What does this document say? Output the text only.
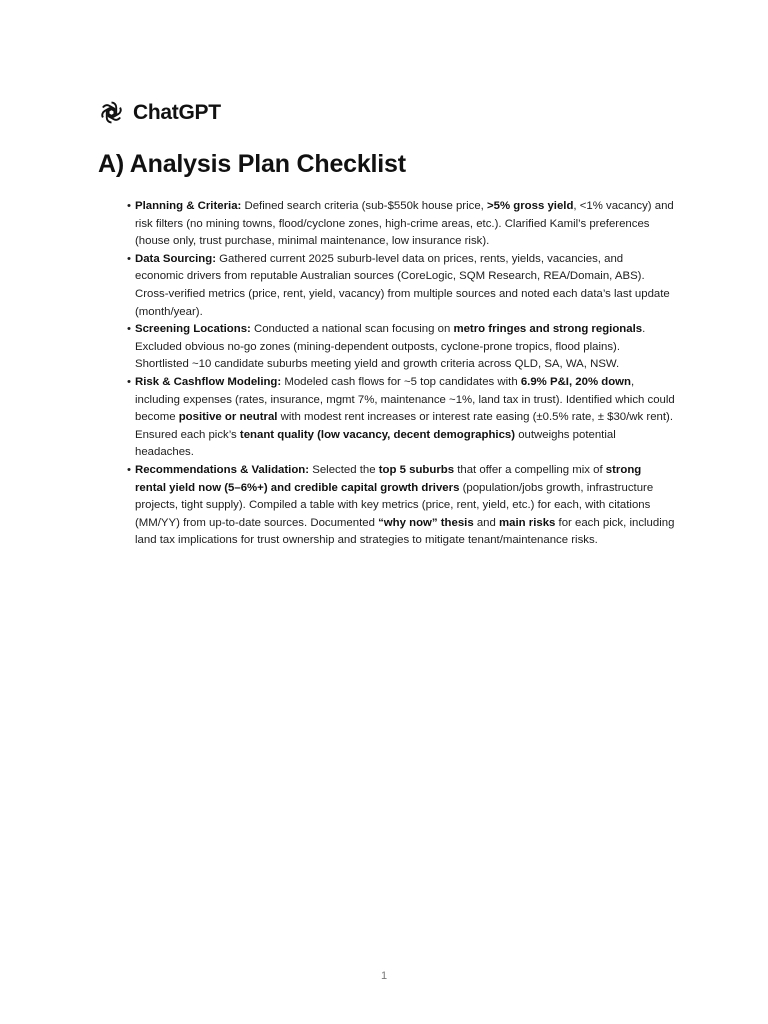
ChatGPT
A) Analysis Plan Checklist
• Planning & Criteria: Defined search criteria (sub-$550k house price, >5% gross yield, <1% vacancy) and risk filters (no mining towns, flood/cyclone zones, high-crime areas, etc.). Clarified Kamil’s preferences (house only, trust purchase, minimal maintenance, low insurance risk).
• Data Sourcing: Gathered current 2025 suburb-level data on prices, rents, yields, vacancies, and economic drivers from reputable Australian sources (CoreLogic, SQM Research, REA/Domain, ABS). Cross-verified metrics (price, rent, yield, vacancy) from multiple sources and noted each data’s last update (month/year).
• Screening Locations: Conducted a national scan focusing on metro fringes and strong regionals. Excluded obvious no-go zones (mining-dependent outposts, cyclone-prone tropics, flood plains). Shortlisted ~10 candidate suburbs meeting yield and growth criteria across QLD, SA, WA, NSW.
• Risk & Cashflow Modeling: Modeled cash flows for ~5 top candidates with 6.9% P&I, 20% down, including expenses (rates, insurance, mgmt 7%, maintenance ~1%, land tax in trust). Identified which could become positive or neutral with modest rent increases or interest rate easing (±0.5% rate, ± $30/wk rent). Ensured each pick’s tenant quality (low vacancy, decent demographics) outweighs potential headaches.
• Recommendations & Validation: Selected the top 5 suburbs that offer a compelling mix of strong rental yield now (5–6%+) and credible capital growth drivers (population/jobs growth, infrastructure projects, tight supply). Compiled a table with key metrics (price, rent, yield, etc.) for each, with citations (MM/YY) from up-to-date sources. Documented “why now” thesis and main risks for each pick, including land tax implications for trust ownership and strategies to mitigate tenant/maintenance risks.
1
